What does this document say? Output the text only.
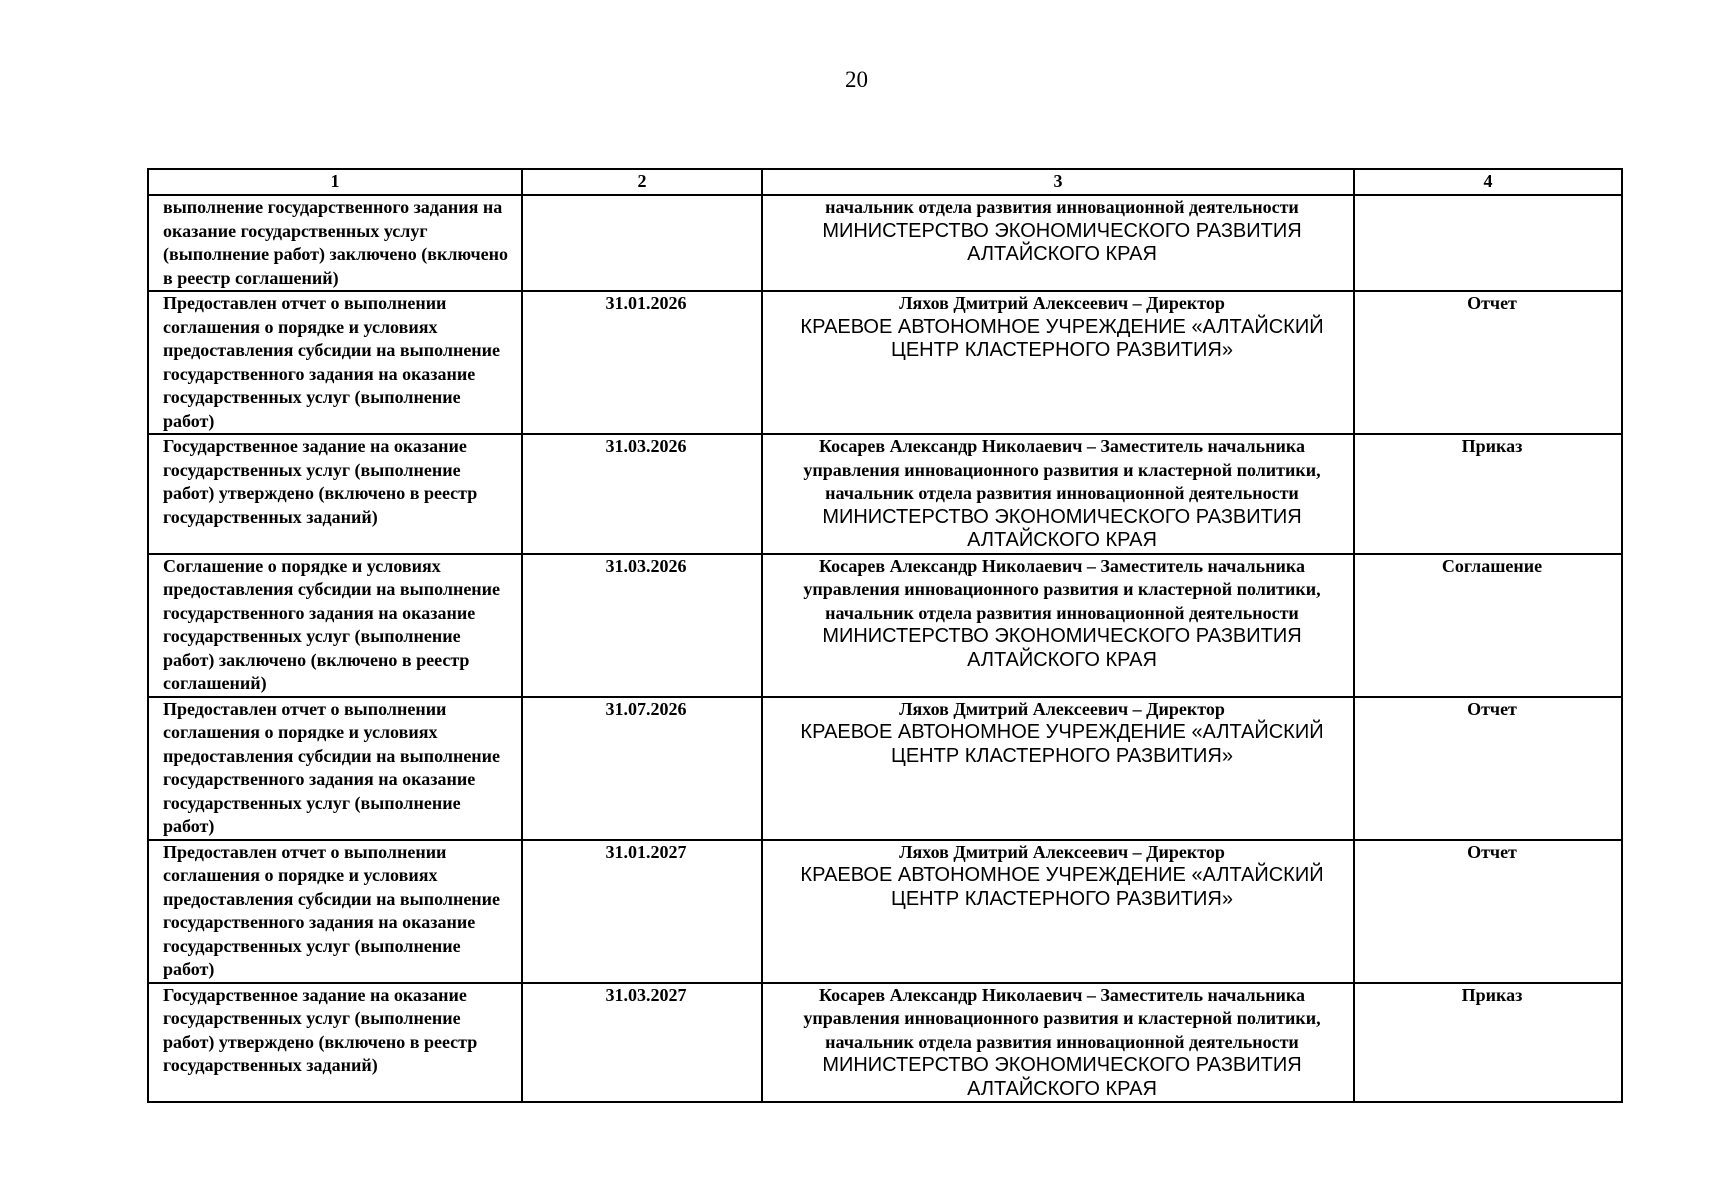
20
1	2	3	4
выполнение государственного задания на оказание государственных услуг (выполнение работ) заключено (включено в реестр соглашений)		начальник отдела развития инновационной деятельности
МИНИСТЕРСТВО ЭКОНОМИЧЕСКОГО РАЗВИТИЯ
АЛТАЙСКОГО КРАЯ	

Предоставлен отчет о выполнении соглашения о порядке и условиях предоставления субсидии на выполнение государственного задания на оказание государственных услуг (выполнение работ)	31.01.2026	Ляхов Дмитрий Алексеевич – Директор
КРАЕВОЕ АВТОНОМНОЕ УЧРЕЖДЕНИЕ «АЛТАЙСКИЙ
ЦЕНТР КЛАСТЕРНОГО РАЗВИТИЯ»	Отчет
Государственное задание на оказание государственных услуг (выполнение работ) утверждено (включено в реестр государственных заданий)	31.03.2026	Косарев Александр Николаевич – Заместитель начальника
управления инновационного развития и кластерной политики,
начальник отдела развития инновационной деятельности
МИНИСТЕРСТВО ЭКОНОМИЧЕСКОГО РАЗВИТИЯ
АЛТАЙСКОГО КРАЯ	Приказ
Соглашение о порядке и условиях предоставления субсидии на выполнение государственного задания на оказание государственных услуг (выполнение работ) заключено (включено в реестр соглашений)	31.03.2026	Косарев Александр Николаевич – Заместитель начальника
управления инновационного развития и кластерной политики,
начальник отдела развития инновационной деятельности
МИНИСТЕРСТВО ЭКОНОМИЧЕСКОГО РАЗВИТИЯ
АЛТАЙСКОГО КРАЯ	Соглашение
Предоставлен отчет о выполнении соглашения о порядке и условиях предоставления субсидии на выполнение государственного задания на оказание государственных услуг (выполнение работ)	31.07.2026	Ляхов Дмитрий Алексеевич – Директор
КРАЕВОЕ АВТОНОМНОЕ УЧРЕЖДЕНИЕ «АЛТАЙСКИЙ
ЦЕНТР КЛАСТЕРНОГО РАЗВИТИЯ»	Отчет
Предоставлен отчет о выполнении соглашения о порядке и условиях предоставления субсидии на выполнение государственного задания на оказание государственных услуг (выполнение работ)	31.01.2027	Ляхов Дмитрий Алексеевич – Директор
КРАЕВОЕ АВТОНОМНОЕ УЧРЕЖДЕНИЕ «АЛТАЙСКИЙ
ЦЕНТР КЛАСТЕРНОГО РАЗВИТИЯ»	Отчет
Государственное задание на оказание государственных услуг (выполнение работ) утверждено (включено в реестр государственных заданий)	31.03.2027	Косарев Александр Николаевич – Заместитель начальника
управления инновационного развития и кластерной политики,
начальник отдела развития инновационной деятельности
МИНИСТЕРСТВО ЭКОНОМИЧЕСКОГО РАЗВИТИЯ
АЛТАЙСКОГО КРАЯ	Приказ
